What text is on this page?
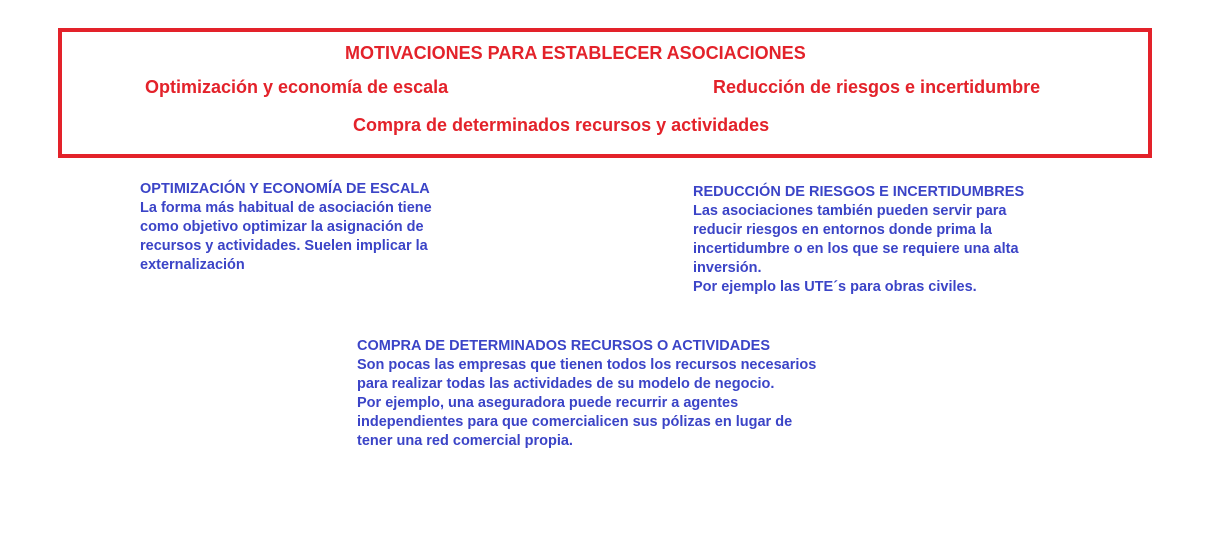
MOTIVACIONES PARA ESTABLECER ASOCIACIONES
Optimización y economía de escala	Reducción de riesgos e incertidumbre
Compra de determinados recursos y actividades
OPTIMIZACIÓN Y ECONOMÍA DE ESCALA
La forma más habitual de asociación tiene
como objetivo optimizar la asignación de
recursos y actividades. Suelen implicar la
externalización
REDUCCIÓN DE RIESGOS E INCERTIDUMBRES
Las asociaciones también pueden servir para
reducir riesgos en entornos donde prima la
incertidumbre o en los que se requiere una alta
inversión.
Por ejemplo las UTE´s para obras civiles.
COMPRA DE DETERMINADOS RECURSOS O ACTIVIDADES
Son pocas las empresas que tienen todos los recursos necesarios
para realizar todas las actividades de su modelo de negocio.
Por ejemplo, una aseguradora puede recurrir a agentes
independientes para que comercialicen sus pólizas en lugar de
tener una red comercial propia.
